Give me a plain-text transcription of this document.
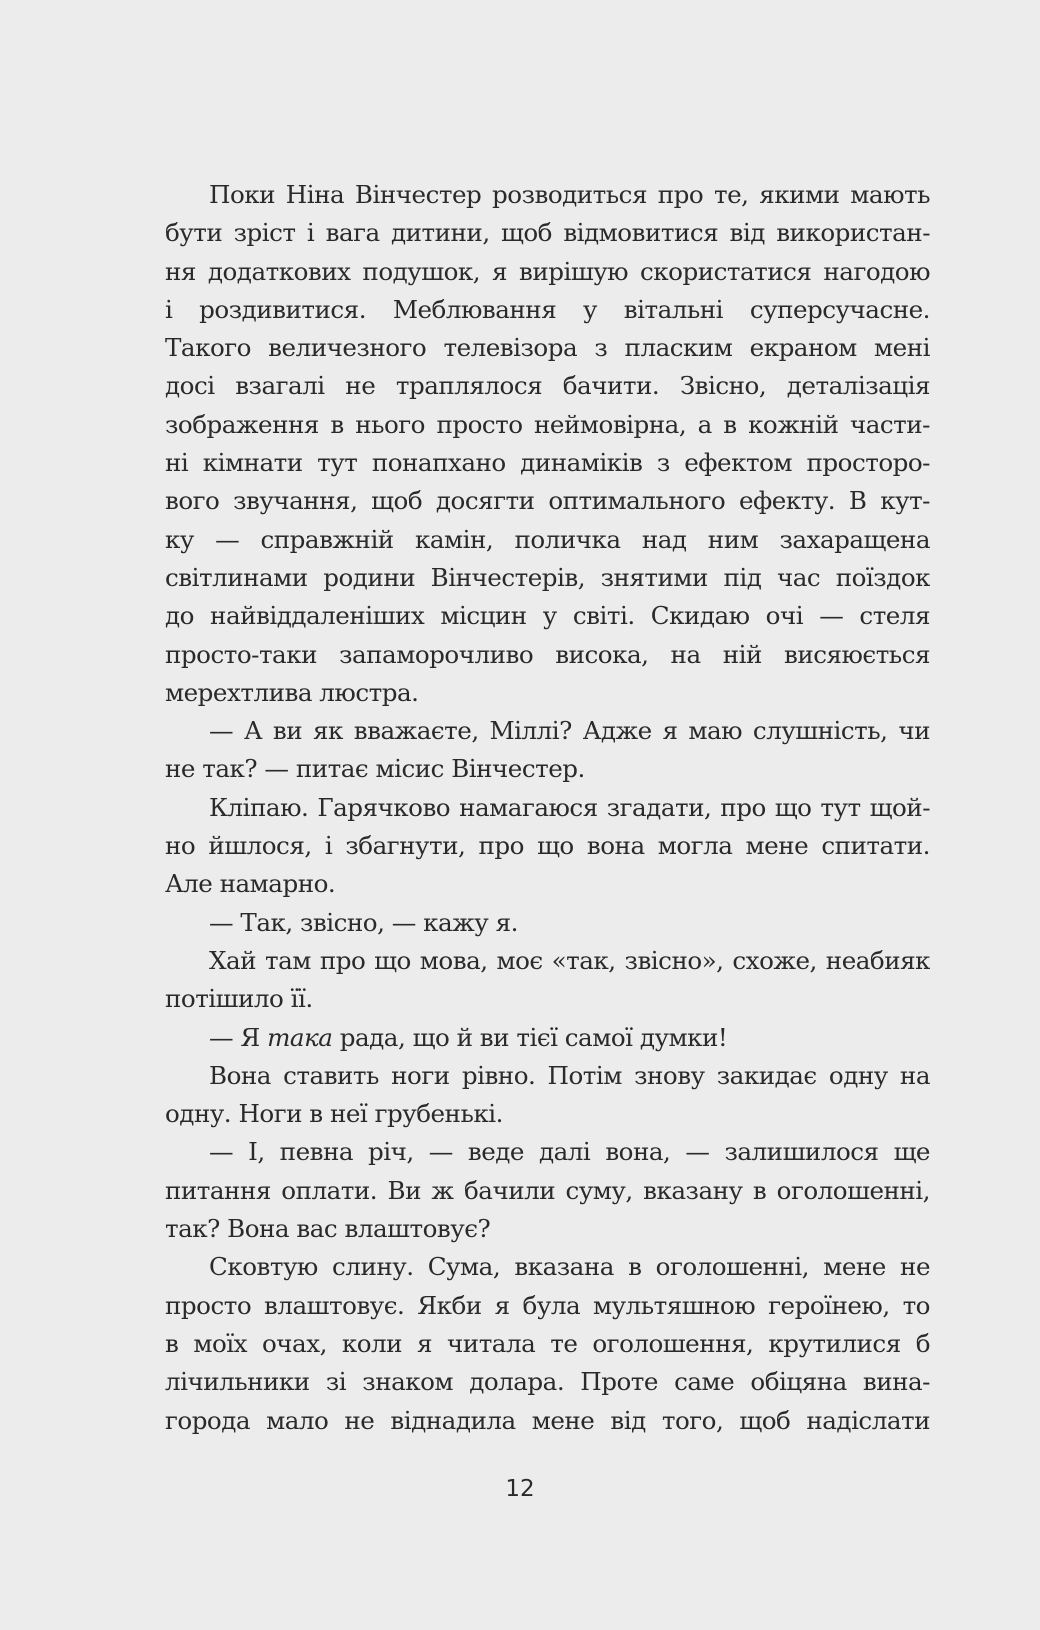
Поки Ніна Вінчестер розводиться про те, якими мають
бути зріст і вага дитини, щоб відмовитися від використан-
ня додаткових подушок, я вирішую скористатися нагодою
і роздивитися. Меблювання у вітальні суперсучасне.
Такого величезного телевізора з пласким екраном мені
досі взагалі не траплялося бачити. Звісно, деталізація
зображення в нього просто неймовірна, а в кожній части-
ні кімнати тут понапхано динаміків з ефектом просторо-
вого звучання, щоб досягти оптимального ефекту. В кут-
ку — справжній камін, поличка над ним захаращена
світлинами родини Вінчестерів, знятими під час поїздок
до найвіддаленіших місцин у світі. Скидаю очі — стеля
просто-таки запаморочливо висока, на ній висяюється
мерехтлива люстра.
— А ви як вважаєте, Міллі? Адже я маю слушність, чи
не так? — питає місис Вінчестер.
Кліпаю. Гарячково намагаюся згадати, про що тут щой-
но йшлося, і збагнути, про що вона могла мене спитати.
Але намарно.
— Так, звісно, — кажу я.
Хай там про що мова, моє «так, звісно», схоже, неабияк
потішило її.
— Я така рада, що й ви тієї самої думки!
Вона ставить ноги рівно. Потім знову закидає одну на
одну. Ноги в неї грубенькі.
— І, певна річ, — веде далі вона, — залишилося ще
питання оплати. Ви ж бачили суму, вказану в оголошенні,
так? Вона вас влаштовує?
Сковтую слину. Сума, вказана в оголошенні, мене не
просто влаштовує. Якби я була мультяшною героїнею, то
в моїх очах, коли я читала те оголошення, крутилися б
лічильники зі знаком долара. Проте саме обіцяна вина-
города мало не віднадила мене від того, щоб надіслати
12
